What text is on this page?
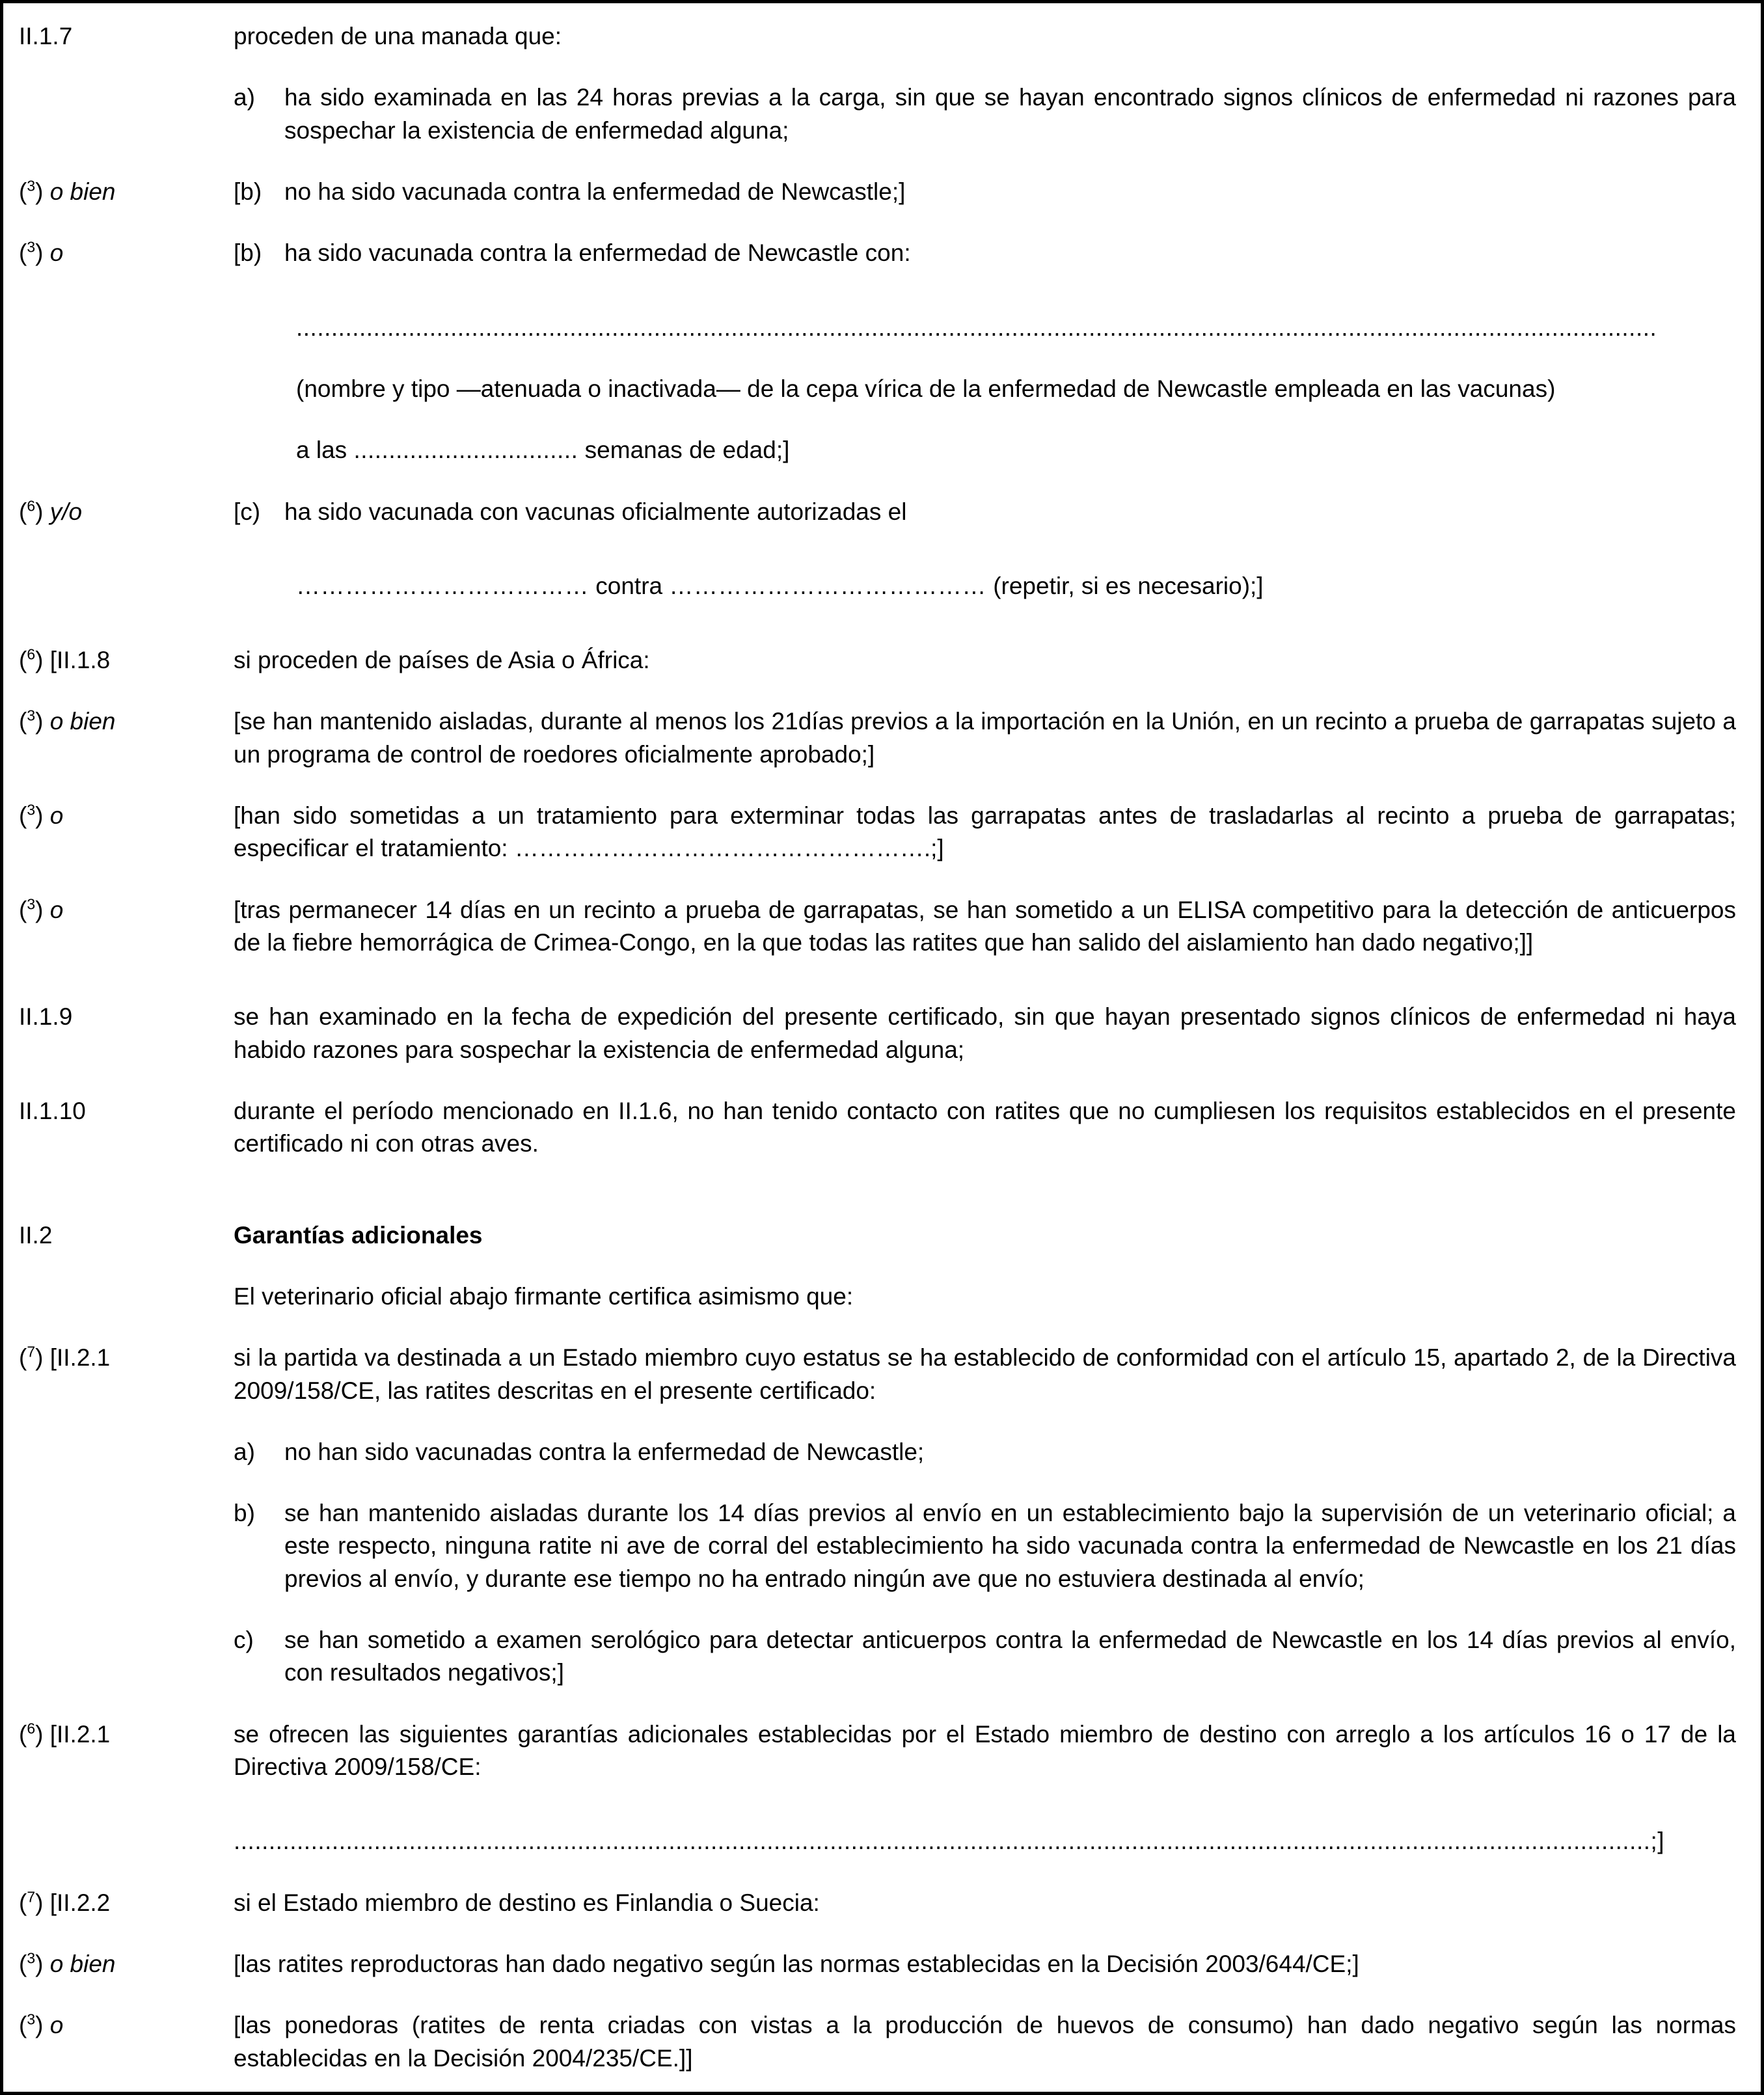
II.1.7	proceden de una manada que:
a)	ha sido examinada en las 24 horas previas a la carga, sin que se hayan encontrado signos clínicos de enfermedad ni razones para sospechar la existencia de enfermedad alguna;
($^3$) o bien	[b) no ha sido vacunada contra la enfermedad de Newcastle;]
($^3$) o	[b) ha sido vacunada contra la enfermedad de Newcastle con:
..................................................................................................................................................................................................
(nombre y tipo —atenuada o inactivada— de la cepa vírica de la enfermedad de Newcastle empleada en las vacunas)
a las ................................ semanas de edad;]
($^6$) y/o	[c) ha sido vacunada con vacunas oficialmente autorizadas el
……………………………… contra ………………………………… (repetir, si es necesario);]
($^6$) [II.1.8	si proceden de países de Asia o África:
($^3$) o bien	[se han mantenido aisladas, durante al menos los 21días previos a la importación en la Unión, en un recinto a prueba de garrapatas sujeto a un programa de control de roedores oficialmente aprobado;]
($^3$) o	[han sido sometidas a un tratamiento para exterminar todas las garrapatas antes de trasladarlas al recinto a prueba de garrapatas; especificar el tratamiento: …………………………………………….;]
($^3$) o	[tras permanecer 14 días en un recinto a prueba de garrapatas, se han sometido a un ELISA competitivo para la detección de anticuerpos de la fiebre hemorrágica de Crimea-Congo, en la que todas las ratites que han salido del aislamiento han dado negativo;]]
II.1.9	se han examinado en la fecha de expedición del presente certificado, sin que hayan presentado signos clínicos de enfermedad ni haya habido razones para sospechar la existencia de enfermedad alguna;
II.1.10	durante el período mencionado en II.1.6, no han tenido contacto con ratites que no cumpliesen los requisitos establecidos en el presente certificado ni con otras aves.
II.2	Garantías adicionales
El veterinario oficial abajo firmante certifica asimismo que:
($^7$) [II.2.1	si la partida va destinada a un Estado miembro cuyo estatus se ha establecido de conformidad con el artículo 15, apartado 2, de la Directiva 2009/158/CE, las ratites descritas en el presente certificado:
a)	no han sido vacunadas contra la enfermedad de Newcastle;
b)	se han mantenido aisladas durante los 14 días previos al envío en un establecimiento bajo la supervisión de un veterinario oficial; a este respecto, ninguna ratite ni ave de corral del establecimiento ha sido vacunada contra la enfermedad de Newcastle en los 21 días previos al envío, y durante ese tiempo no ha entrado ningún ave que no estuviera destinada al envío;
c)	se han sometido a examen serológico para detectar anticuerpos contra la enfermedad de Newcastle en los 14 días previos al envío, con resultados negativos;]
($^6$) [II.2.1	se ofrecen las siguientes garantías adicionales establecidas por el Estado miembro de destino con arreglo a los artículos 16 o 17 de la Directiva 2009/158/CE:
..........................................................................................................................................................................................................;]
($^7$) [II.2.2	si el Estado miembro de destino es Finlandia o Suecia:
($^3$) o bien	[las ratites reproductoras han dado negativo según las normas establecidas en la Decisión 2003/644/CE;]
($^3$) o	[las ponedoras (ratites de renta criadas con vistas a la producción de huevos de consumo) han dado negativo según las normas establecidas en la Decisión 2004/235/CE.]]
